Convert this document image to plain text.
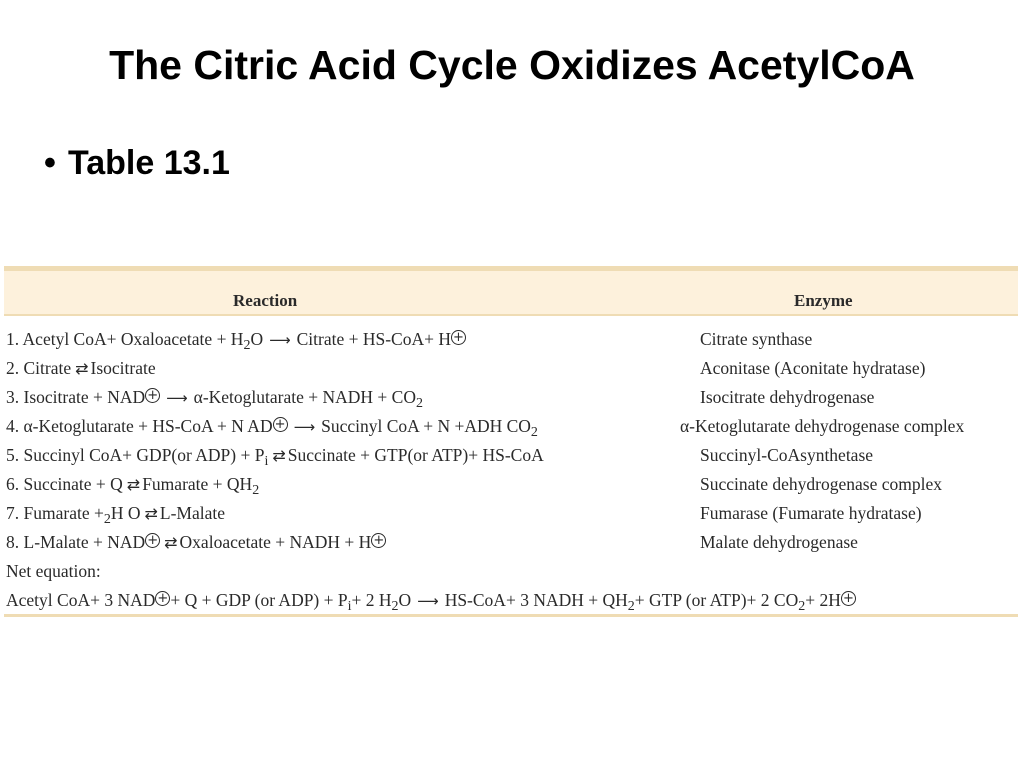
The Citric Acid Cycle Oxidizes AcetylCoA
• Table 13.1
Reaction	Enzyme
1. Acetyl CoA+ Oxaloacetate + $H_2O$ ⟶ Citrate + HS-CoA+ H +	Citrate synthase
2. Citrate ⇄ Isocitrate	Aconitase (Aconitate hydratase)
3. Isocitrate + NAD + ⟶ α-Ketoglutarate + NADH + $CO_2$	Isocitrate dehydrogenase
4. α-Ketoglutarate + HS-CoA + N AD + ⟶ Succinyl CoA + N +ADH $CO_2$	α-Ketoglutarate dehydrogenase complex
5. Succinyl CoA+ GDP(or $ADP) + P_i$ ⇄ Succinate + GTP(or ATP)+ HS-CoA	Succinyl-CoAsynthetase
6. Succinate + Q ⇄ Fumarate + $QH_2$	Succinate dehydrogenase complex
7. Fumarate $+_2H$ O ⇄ L-Malate	Fumarase (Fumarate hydratase)
8. L-Malate + NAD + ⇄ Oxaloacetate + NADH + H +	Malate dehydrogenase
Net equation:
Acetyl CoA+ 3 NAD + + Q + GDP (or $ADP) + P_i+ 2$ $H_2O$ ⟶ HS-CoA+ 3 NADH + $QH_2+$ GTP (or ATP)+ 2 $CO_2+ 2H$ +
